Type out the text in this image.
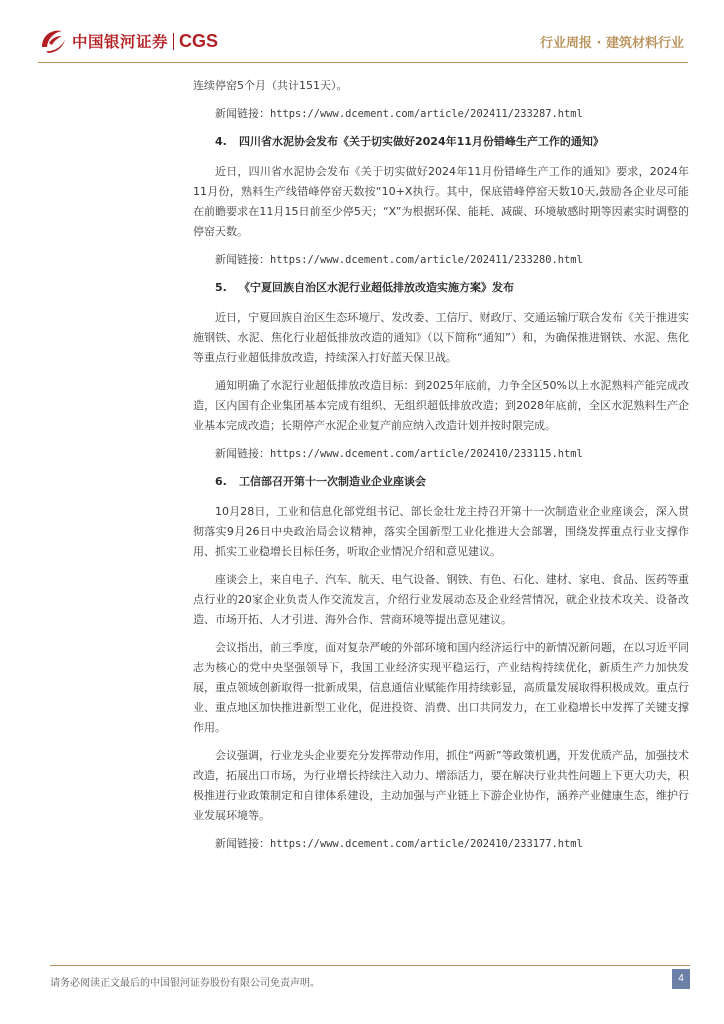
中国银河证券 CGS	行业周报 · 建筑材料行业

连续停窑5个月（共计151天）。

新闻链接：https://www.dcement.com/article/202411/233287.html
4.	四川省水泥协会发布《关于切实做好2024年11月份错峰生产工作的通知》

近日，四川省水泥协会发布《关于切实做好2024年11月份错峰生产工作的通知》要求，2024年11月份，熟料生产线错峰停窑天数按“10+X执行。其中，保底错峰停窑天数10天,鼓励各企业尽可能在前瞻要求在11月15日前至少停5天；“X”为根据环保、能耗、减碳、环境敏感时期等因素实时调整的停窑天数。

新闻链接：https://www.dcement.com/article/202411/233280.html
5.	《宁夏回族自治区水泥行业超低排放改造实施方案》发布

近日，宁夏回族自治区生态环境厅、发改委、工信厅、财政厅、交通运输厅联合发布《关于推进实施钢铁、水泥、焦化行业超低排放改造的通知》（以下简称“通知”）和，为确保推进钢铁、水泥、焦化等重点行业超低排放改造，持续深入打好蓝天保卫战。

通知明确了水泥行业超低排放改造目标：到2025年底前，力争全区50%以上水泥熟料产能完成改造，区内国有企业集团基本完成有组织、无组织超低排放改造；到2028年底前，全区水泥熟料生产企业基本完成改造；长期停产水泥企业复产前应纳入改造计划并按时限完成。

新闻链接：https://www.dcement.com/article/202410/233115.html
6.	工信部召开第十一次制造业企业座谈会

10月28日，工业和信息化部党组书记、部长金壮龙主持召开第十一次制造业企业座谈会，深入贯彻落实9月26日中央政治局会议精神，落实全国新型工业化推进大会部署，围绕发挥重点行业支撑作用、抓实工业稳增长目标任务，听取企业情况介绍和意见建议。

座谈会上，来自电子、汽车、航天、电气设备、钢铁、有色、石化、建材、家电、食品、医药等重点行业的20家企业负责人作交流发言，介绍行业发展动态及企业经营情况，就企业技术攻关、设备改造、市场开拓、人才引进、海外合作、营商环境等提出意见建议。

会议指出，前三季度，面对复杂严峻的外部环境和国内经济运行中的新情况新问题，在以习近平同志为核心的党中央坚强领导下，我国工业经济实现平稳运行，产业结构持续优化，新质生产力加快发展，重点领域创新取得一批新成果，信息通信业赋能作用持续彰显，高质量发展取得积极成效。重点行业、重点地区加快推进新型工业化，促进投资、消费、出口共同发力，在工业稳增长中发挥了关键支撑作用。

会议强调，行业龙头企业要充分发挥带动作用，抓住“两新”等政策机遇，开发优质产品，加强技术改造，拓展出口市场，为行业增长持续注入动力、增添活力，要在解决行业共性问题上下更大功夫，积极推进行业政策制定和自律体系建设，主动加强与产业链上下游企业协作，涵养产业健康生态，维护行业发展环境等。

新闻链接：https://www.dcement.com/article/202410/233177.html
请务必阅读正文最后的中国银河证券股份有限公司免责声明。	4
